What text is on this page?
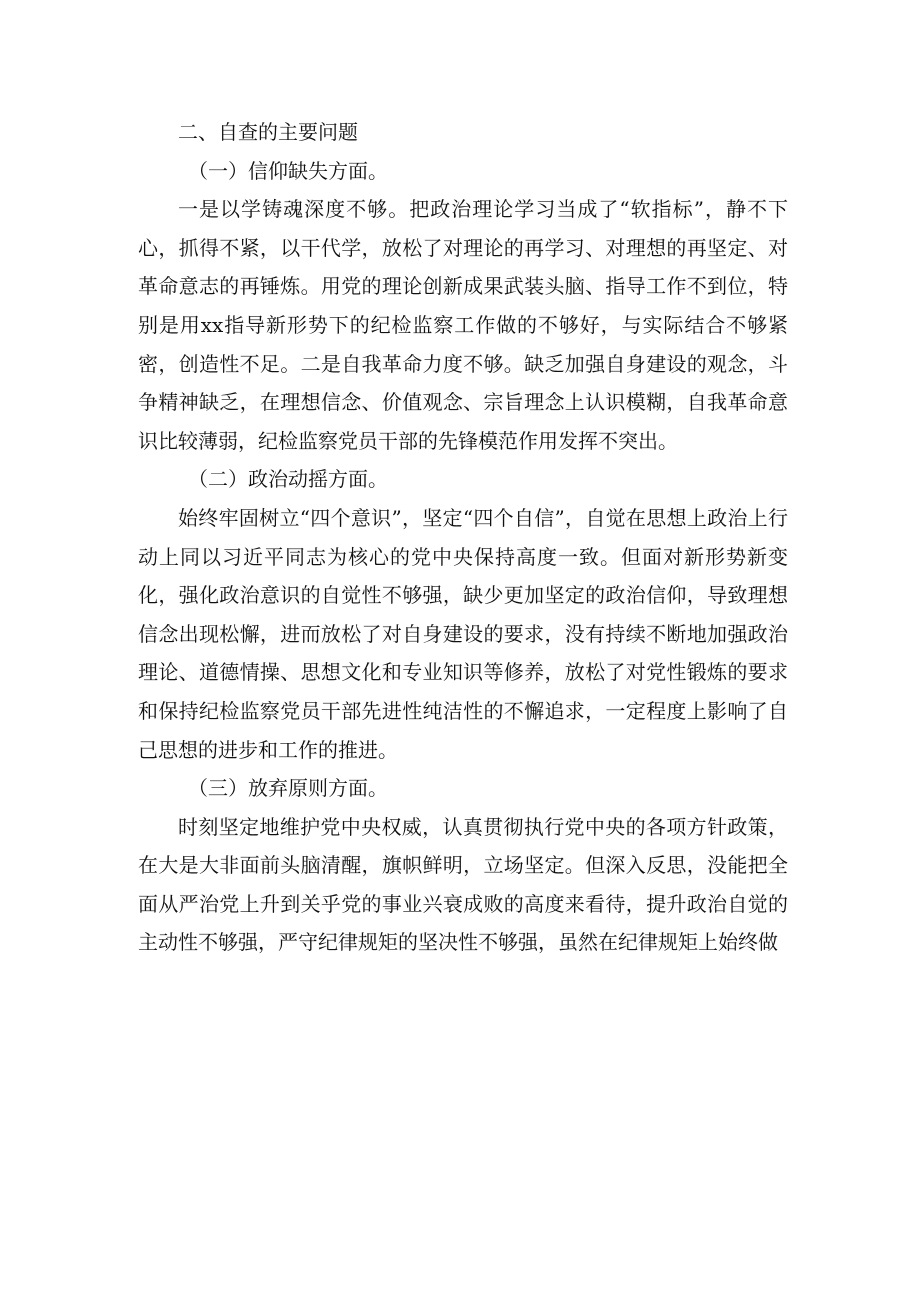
二、自查的主要问题

（一）信仰缺失方面。

一是以学铸魂深度不够。把政治理论学习当成了“软指标”，静不下心，抓得不紧，以干代学，放松了对理论的再学习、对理想的再坚定、对革命意志的再锤炼。用党的理论创新成果武装头脑、指导工作不到位，特别是用xx指导新形势下的纪检监察工作做的不够好，与实际结合不够紧密，创造性不足。二是自我革命力度不够。缺乏加强自身建设的观念，斗争精神缺乏，在理想信念、价值观念、宗旨理念上认识模糊，自我革命意识比较薄弱，纪检监察党员干部的先锋模范作用发挥不突出。

（二）政治动摇方面。

始终牢固树立“四个意识”，坚定“四个自信”，自觉在思想上政治上行动上同以习近平同志为核心的党中央保持高度一致。但面对新形势新变化，强化政治意识的自觉性不够强，缺少更加坚定的政治信仰，导致理想信念出现松懈，进而放松了对自身建设的要求，没有持续不断地加强政治理论、道德情操、思想文化和专业知识等修养，放松了对党性锻炼的要求和保持纪检监察党员干部先进性纯洁性的不懈追求，一定程度上影响了自己思想的进步和工作的推进。

（三）放弃原则方面。

时刻坚定地维护党中央权威，认真贯彻执行党中央的各项方针政策，在大是大非面前头脑清醒，旗帜鲜明，立场坚定。但深入反思，没能把全面从严治党上升到关乎党的事业兴衰成败的高度来看待，提升政治自觉的主动性不够强，严守纪律规矩的坚决性不够强，虽然在纪律规矩上始终做
